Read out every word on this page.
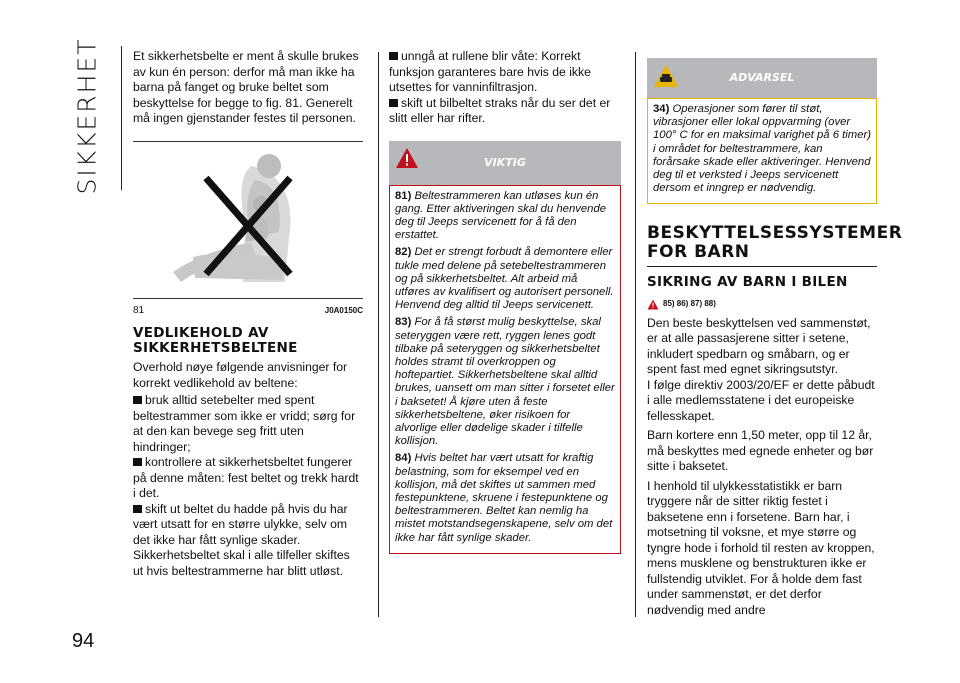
SIKKERHET
94

Et sikkerhetsbelte er ment å skulle brukes av kun én person: derfor må man ikke ha barna på fanget og bruke beltet som beskyttelse for begge to fig. 81. Generelt må ingen gjenstander festes til personen.

81	J0A0150C
VEDLIKEHOLD AV SIKKERHETSBELTENE

Overhold nøye følgende anvisninger for korrekt vedlikehold av beltene:

bruk alltid setebelter med spent beltestrammer som ikke er vridd; sørg for at den kan bevege seg fritt uten hindringer;
kontrollere at sikkerhetsbeltet fungerer på denne måten: fest beltet og trekk hardt i det.
skift ut beltet du hadde på hvis du har vært utsatt for en større ulykke, selv om det ikke har fått synlige skader.

Sikkerhetsbeltet skal i alle tilfeller skiftes ut hvis beltestrammerne har blitt utløst.

unngå at rullene blir våte: Korrekt funksjon garanteres bare hvis de ikke utsettes for vanninfiltrasjon.
skift ut bilbeltet straks når du ser det er slitt eller har rifter.
VIKTIG

81) Beltestrammeren kan utløses kun én gang. Etter aktiveringen skal du henvende deg til Jeeps servicenett for å få den erstattet.

82) Det er strengt forbudt å demontere eller tukle med delene på setebeltestrammeren og på sikkerhetsbeltet. Alt arbeid må utføres av kvalifisert og autorisert personell. Henvend deg alltid til Jeeps servicenett.

83) For å få størst mulig beskyttelse, skal seteryggen være rett, ryggen lenes godt tilbake på seteryggen og sikkerhetsbeltet holdes stramt til overkroppen og hoftepartiet. Sikkerhetsbeltene skal alltid brukes, uansett om man sitter i forsetet eller i baksetet! Å kjøre uten å feste sikkerhetsbeltene, øker risikoen for alvorlige eller dødelige skader i tilfelle kollisjon.

84) Hvis beltet har vært utsatt for kraftig belastning, som for eksempel ved en kollisjon, må det skiftes ut sammen med festepunktene, skruene i festepunktene og beltestrammeren. Beltet kan nemlig ha mistet motstandsegenskapene, selv om det ikke har fått synlige skader.

ADVARSEL

34) Operasjoner som fører til støt, vibrasjoner eller lokal oppvarming (over 100° C for en maksimal varighet på 6 timer) i området for beltestrammere, kan forårsake skade eller aktiveringer. Henvend deg til et verksted i Jeeps servicenett dersom et inngrep er nødvendig.

BESKYTTELSESSYSTEMER FOR BARN
SIKRING AV BARN I BILEN
85) 86) 87) 88)

Den beste beskyttelsen ved sammenstøt, er at alle passasjerene sitter i setene, inkludert spedbarn og småbarn, og er spent fast med egnet sikringsutstyr.

I følge direktiv 2003/20/EF er dette påbudt i alle medlemsstatene i det europeiske fellesskapet.

Barn kortere enn 1,50 meter, opp til 12 år, må beskyttes med egnede enheter og bør sitte i baksetet.

I henhold til ulykkesstatistikk er barn tryggere når de sitter riktig festet i baksetene enn i forsetene. Barn har, i motsetning til voksne, et mye større og tyngre hode i forhold til resten av kroppen, mens musklene og benstrukturen ikke er fullstendig utviklet. For å holde dem fast under sammenstøt, er det derfor nødvendig med andre
